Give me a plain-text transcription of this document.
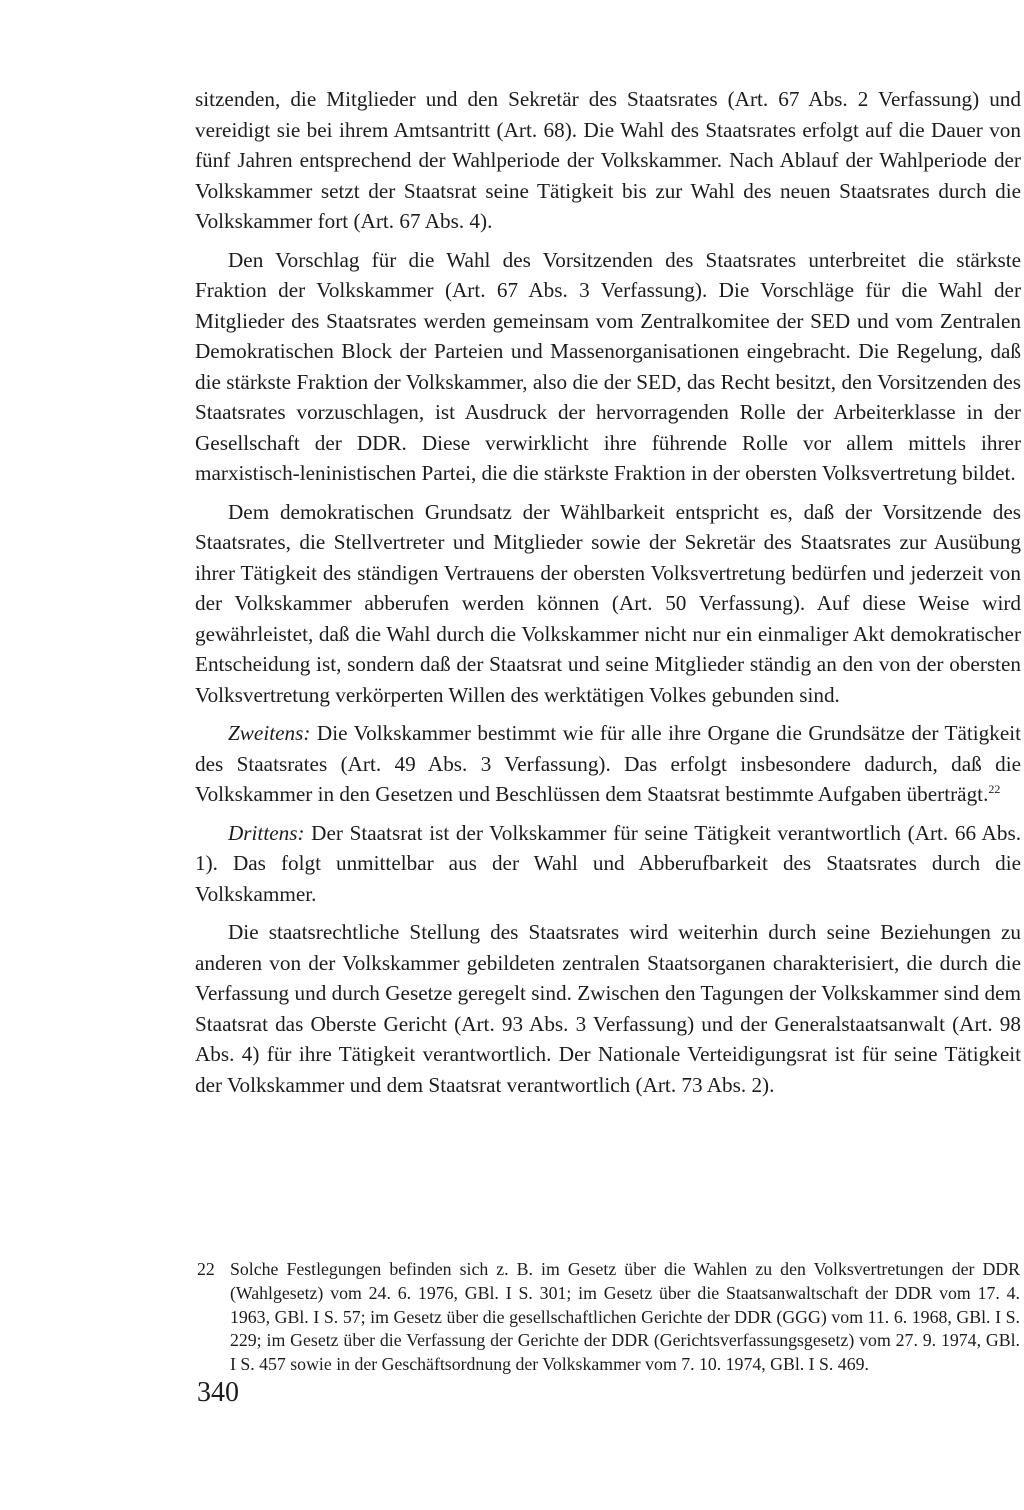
sitzenden, die Mitglieder und den Sekretär des Staatsrates (Art. 67 Abs. 2 Verfassung) und vereidigt sie bei ihrem Amtsantritt (Art. 68). Die Wahl des Staatsrates erfolgt auf die Dauer von fünf Jahren entsprechend der Wahlperiode der Volkskammer. Nach Ablauf der Wahlperiode der Volkskammer setzt der Staatsrat seine Tätigkeit bis zur Wahl des neuen Staatsrates durch die Volkskammer fort (Art. 67 Abs. 4).

Den Vorschlag für die Wahl des Vorsitzenden des Staatsrates unterbreitet die stärkste Fraktion der Volkskammer (Art. 67 Abs. 3 Verfassung). Die Vorschläge für die Wahl der Mitglieder des Staatsrates werden gemeinsam vom Zentralkomitee der SED und vom Zentralen Demokratischen Block der Parteien und Massenorganisationen eingebracht. Die Regelung, daß die stärkste Fraktion der Volkskammer, also die der SED, das Recht besitzt, den Vorsitzenden des Staatsrates vorzuschlagen, ist Ausdruck der hervorragenden Rolle der Arbeiterklasse in der Gesellschaft der DDR. Diese verwirklicht ihre führende Rolle vor allem mittels ihrer marxistisch-leninistischen Partei, die die stärkste Fraktion in der obersten Volksvertretung bildet.

Dem demokratischen Grundsatz der Wählbarkeit entspricht es, daß der Vorsitzende des Staatsrates, die Stellvertreter und Mitglieder sowie der Sekretär des Staatsrates zur Ausübung ihrer Tätigkeit des ständigen Vertrauens der obersten Volksvertretung bedürfen und jederzeit von der Volkskammer abberufen werden können (Art. 50 Verfassung). Auf diese Weise wird gewährleistet, daß die Wahl durch die Volkskammer nicht nur ein einmaliger Akt demokratischer Entscheidung ist, sondern daß der Staatsrat und seine Mitglieder ständig an den von der obersten Volksvertretung verkörperten Willen des werktätigen Volkes gebunden sind.

Zweitens: Die Volkskammer bestimmt wie für alle ihre Organe die Grundsätze der Tätigkeit des Staatsrates (Art. 49 Abs. 3 Verfassung). Das erfolgt insbesondere dadurch, daß die Volkskammer in den Gesetzen und Beschlüssen dem Staatsrat bestimmte Aufgaben überträgt.$^{22}$

Drittens: Der Staatsrat ist der Volkskammer für seine Tätigkeit verantwortlich (Art. 66 Abs. 1). Das folgt unmittelbar aus der Wahl und Abberufbarkeit des Staatsrates durch die Volkskammer.

Die staatsrechtliche Stellung des Staatsrates wird weiterhin durch seine Beziehungen zu anderen von der Volkskammer gebildeten zentralen Staatsorganen charakterisiert, die durch die Verfassung und durch Gesetze geregelt sind. Zwischen den Tagungen der Volkskammer sind dem Staatsrat das Oberste Gericht (Art. 93 Abs. 3 Verfassung) und der Generalstaatsanwalt (Art. 98 Abs. 4) für ihre Tätigkeit verantwortlich. Der Nationale Verteidigungsrat ist für seine Tätigkeit der Volkskammer und dem Staatsrat verantwortlich (Art. 73 Abs. 2).

22 Solche Festlegungen befinden sich z. B. im Gesetz über die Wahlen zu den Volksvertretungen der DDR (Wahlgesetz) vom 24. 6. 1976, GBl. I S. 301; im Gesetz über die Staatsanwaltschaft der DDR vom 17. 4. 1963, GBl. I S. 57; im Gesetz über die gesellschaftlichen Gerichte der DDR (GGG) vom 11. 6. 1968, GBl. I S. 229; im Gesetz über die Verfassung der Gerichte der DDR (Gerichtsverfassungsgesetz) vom 27. 9. 1974, GBl. I S. 457 sowie in der Geschäftsordnung der Volkskammer vom 7. 10. 1974, GBl. I S. 469.
340
